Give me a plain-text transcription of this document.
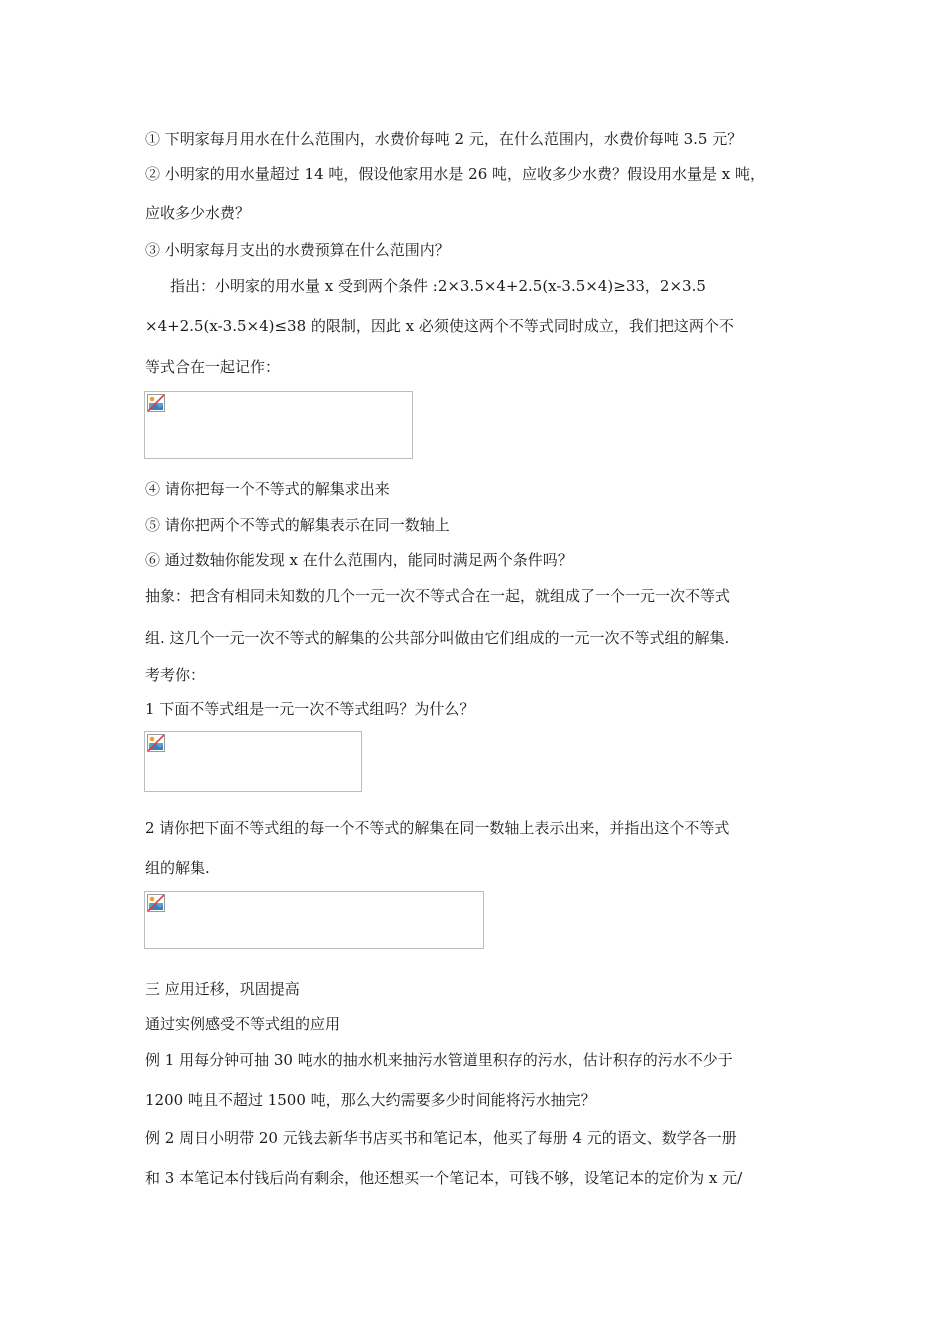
① 下明家每月用水在什么范围内，水费价每吨 2 元，在什么范围内，水费价每吨 3.5 元？
② 小明家的用水量超过 14 吨，假设他家用水是 26 吨，应收多少水费？假设用水量是 x 吨，
应收多少水费？
③ 小明家每月支出的水费预算在什么范围内？
指出：小明家的用水量 x 受到两个条件 :2×3.5×4+2.5(x-3.5×4)≥33，2×3.5
×4+2.5(x-3.5×4)≤38 的限制，因此 x 必须使这两个不等式同时成立，我们把这两个不
等式合在一起记作：
④ 请你把每一个不等式的解集求出来
⑤ 请你把两个不等式的解集表示在同一数轴上
⑥ 通过数轴你能发现 x 在什么范围内，能同时满足两个条件吗？
抽象：把含有相同未知数的几个一元一次不等式合在一起，就组成了一个一元一次不等式
组. 这几个一元一次不等式的解集的公共部分叫做由它们组成的一元一次不等式组的解集.
考考你：
1 下面不等式组是一元一次不等式组吗？为什么？
2 请你把下面不等式组的每一个不等式的解集在同一数轴上表示出来，并指出这个不等式
组的解集.
三 应用迁移，巩固提高
通过实例感受不等式组的应用
例 1 用每分钟可抽 30 吨水的抽水机来抽污水管道里积存的污水，估计积存的污水不少于
1200 吨且不超过 1500 吨，那么大约需要多少时间能将污水抽完？
例 2 周日小明带 20 元钱去新华书店买书和笔记本，他买了每册 4 元的语文、数学各一册
和 3 本笔记本付钱后尚有剩余，他还想买一个笔记本，可钱不够，设笔记本的定价为 x 元/
